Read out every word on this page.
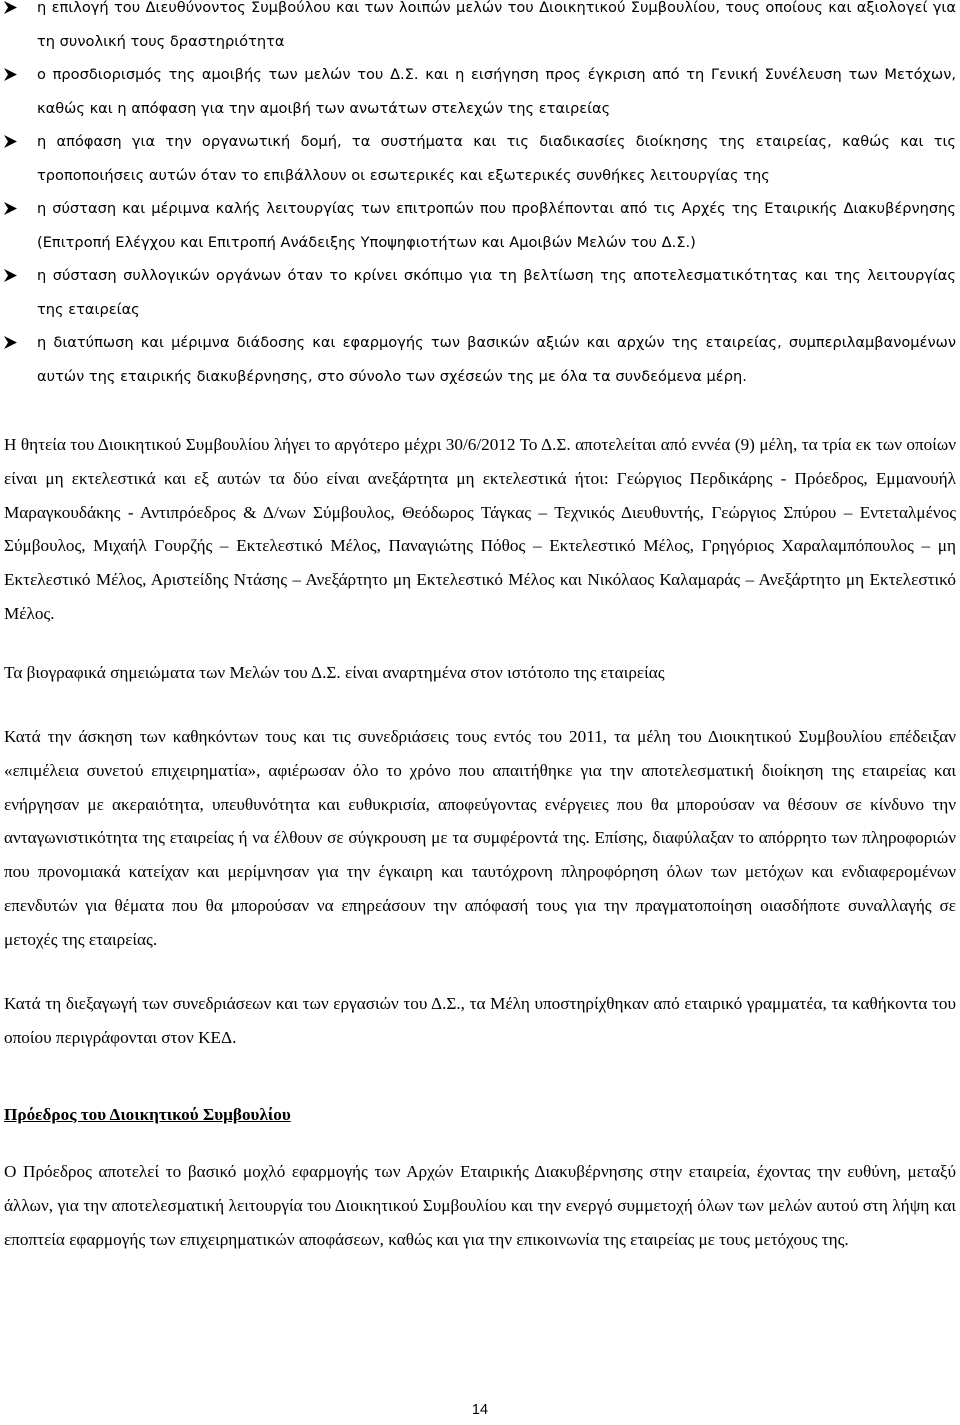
η επιλογή του Διευθύνοντος Συμβούλου και των λοιπών μελών του Διοικητικού Συμβουλίου, τους οποίους και αξιολογεί για τη συνολική τους δραστηριότητα
ο προσδιορισμός της αμοιβής των μελών του Δ.Σ. και η εισήγηση προς έγκριση από τη Γενική Συνέλευση των Μετόχων, καθώς και η απόφαση για την αμοιβή των ανωτάτων στελεχών της εταιρείας
η απόφαση για την οργανωτική δομή, τα συστήματα και τις διαδικασίες διοίκησης της εταιρείας, καθώς και τις τροποποιήσεις αυτών όταν το επιβάλλουν οι εσωτερικές και εξωτερικές συνθήκες λειτουργίας της
η σύσταση και μέριμνα καλής λειτουργίας των επιτροπών που προβλέπονται από τις Αρχές της Εταιρικής Διακυβέρνησης (Επιτροπή Ελέγχου και Επιτροπή Ανάδειξης Υποψηφιοτήτων και Αμοιβών Μελών του Δ.Σ.)
η σύσταση συλλογικών οργάνων όταν το κρίνει σκόπιμο για τη βελτίωση της αποτελεσματικότητας και της λειτουργίας της εταιρείας
η διατύπωση και μέριμνα διάδοσης και εφαρμογής των βασικών αξιών και αρχών της εταιρείας, συμπεριλαμβανομένων αυτών της εταιρικής διακυβέρνησης, στο σύνολο των σχέσεών της με όλα τα συνδεόμενα μέρη.

Η θητεία του Διοικητικού Συμβουλίου λήγει το αργότερο μέχρι 30/6/2012 Το Δ.Σ. αποτελείται από εννέα (9) μέλη, τα τρία εκ των οποίων είναι μη εκτελεστικά και εξ αυτών τα δύο είναι ανεξάρτητα μη εκτελεστικά ήτοι: Γεώργιος Περδικάρης - Πρόεδρος, Εμμανουήλ Μαραγκουδάκης - Αντιπρόεδρος & Δ/νων Σύμβουλος, Θεόδωρος Τάγκας – Τεχνικός Διευθυντής, Γεώργιος Σπύρου – Εντεταλμένος Σύμβουλος, Μιχαήλ Γουρζής – Εκτελεστικό Μέλος, Παναγιώτης Πόθος – Εκτελεστικό Μέλος, Γρηγόριος Χαραλαμπόπουλος – μη Εκτελεστικό Μέλος, Αριστείδης Ντάσης – Ανεξάρτητο μη Εκτελεστικό Μέλος και Νικόλαος Καλαμαράς – Ανεξάρτητο μη Εκτελεστικό Μέλος.

Τα βιογραφικά σημειώματα των Μελών του Δ.Σ. είναι αναρτημένα στον ιστότοπο της εταιρείας

Κατά την άσκηση των καθηκόντων τους και τις συνεδριάσεις τους εντός του 2011, τα μέλη του Διοικητικού Συμβουλίου επέδειξαν «επιμέλεια συνετού επιχειρηματία», αφιέρωσαν όλο το χρόνο που απαιτήθηκε για την αποτελεσματική διοίκηση της εταιρείας και ενήργησαν με ακεραιότητα, υπευθυνότητα και ευθυκρισία, αποφεύγοντας ενέργειες που θα μπορούσαν να θέσουν σε κίνδυνο την ανταγωνιστικότητα της εταιρείας ή να έλθουν σε σύγκρουση με τα συμφέροντά της. Επίσης, διαφύλαξαν το απόρρητο των πληροφοριών που προνομιακά κατείχαν και μερίμνησαν για την έγκαιρη και ταυτόχρονη πληροφόρηση όλων των μετόχων και ενδιαφερομένων επενδυτών για θέματα που θα μπορούσαν να επηρεάσουν την απόφασή τους για την πραγματοποίηση οιασδήποτε συναλλαγής σε μετοχές της εταιρείας.

Κατά τη διεξαγωγή των συνεδριάσεων και των εργασιών του Δ.Σ., τα Μέλη υποστηρίχθηκαν από εταιρικό γραμματέα, τα καθήκοντα του οποίου περιγράφονται στον ΚΕΔ.

Πρόεδρος του Διοικητικού Συμβουλίου

Ο Πρόεδρος αποτελεί το βασικό μοχλό εφαρμογής των Αρχών Εταιρικής Διακυβέρνησης στην εταιρεία, έχοντας την ευθύνη, μεταξύ άλλων, για την αποτελεσματική λειτουργία του Διοικητικού Συμβουλίου και την ενεργό συμμετοχή όλων των μελών αυτού στη λήψη και εποπτεία εφαρμογής των επιχειρηματικών αποφάσεων, καθώς και για την επικοινωνία της εταιρείας με τους μετόχους της.

14
